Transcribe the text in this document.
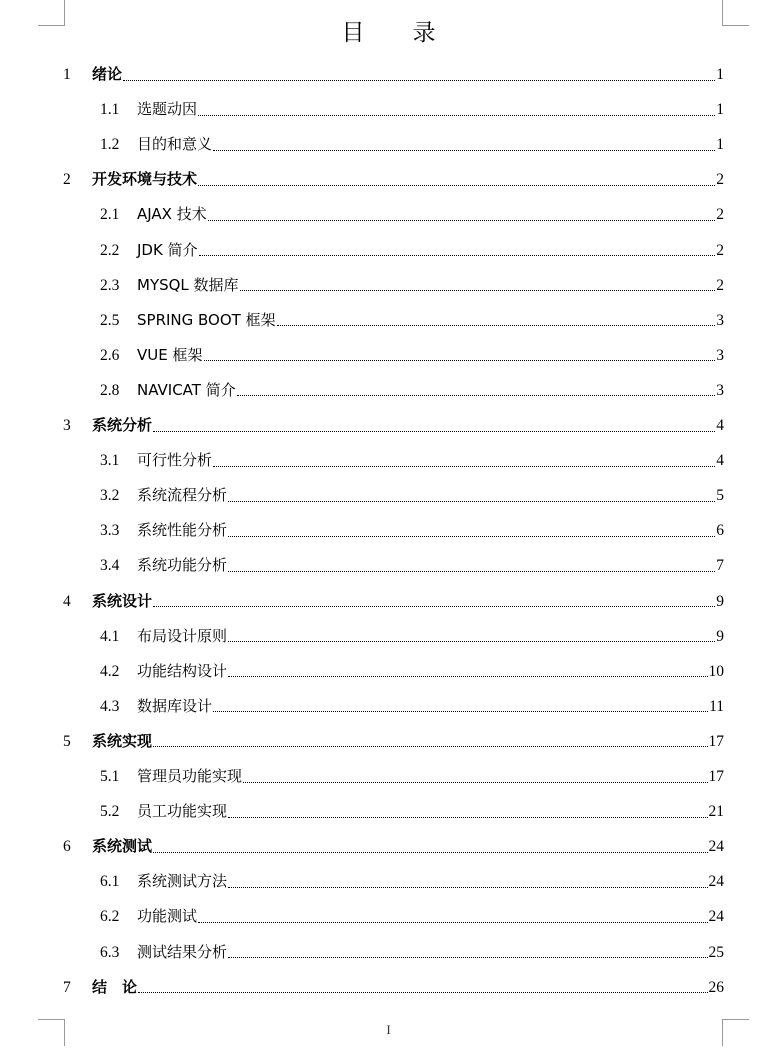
目 录
1	绪论	1
1.1	选题动因	1
1.2	目的和意义	1
2	开发环境与技术	2
2.1	AJAX 技术	2
2.2	JDK 简介	2
2.3	MYSQL 数据库	2
2.5	SPRING BOOT 框架	3
2.6	VUE 框架	3
2.8	NAVICAT 简介	3
3	系统分析	4
3.1	可行性分析	4
3.2	系统流程分析	5
3.3	系统性能分析	6
3.4	系统功能分析	7
4	系统设计	9
4.1	布局设计原则	9
4.2	功能结构设计	10
4.3	数据库设计	11
5	系统实现	17
5.1	管理员功能实现	17
5.2	员工功能实现	21
6	系统测试	24
6.1	系统测试方法	24
6.2	功能测试	24
6.3	测试结果分析	25
7	结　论	26
I
